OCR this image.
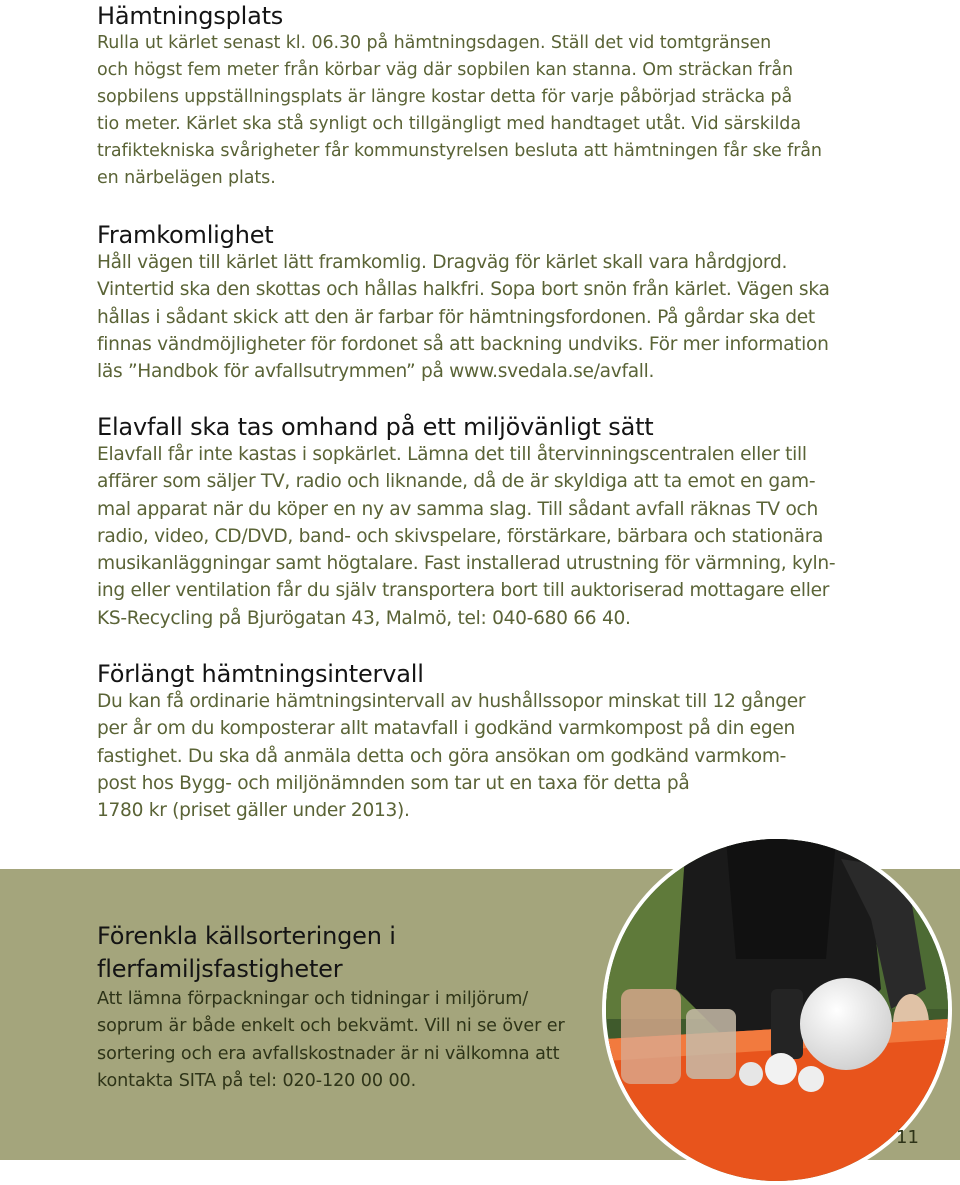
Hämtningsplats

Rulla ut kärlet senast kl. 06.30 på hämtningsdagen. Ställ det vid tomtgränsen
och högst fem meter från körbar väg där sopbilen kan stanna. Om sträckan från
sopbilens uppställningsplats är längre kostar detta för varje påbörjad sträcka på
tio meter. Kärlet ska stå synligt och tillgängligt med handtaget utåt. Vid särskilda
trafiktekniska svårigheter får kommunstyrelsen besluta att hämtningen får ske från
en närbelägen plats.

Framkomlighet

Håll vägen till kärlet lätt framkomlig. Dragväg för kärlet skall vara hårdgjord.
Vintertid ska den skottas och hållas halkfri. Sopa bort snön från kärlet. Vägen ska
hållas i sådant skick att den är farbar för hämtningsfordonen. På gårdar ska det
finnas vändmöjligheter för fordonet så att backning undviks. För mer information
läs ”Handbok för avfallsutrymmen” på www.svedala.se/avfall.

Elavfall ska tas omhand på ett miljövänligt sätt

Elavfall får inte kastas i sopkärlet. Lämna det till återvinningscentralen eller till
affärer som säljer TV, radio och liknande, då de är skyldiga att ta emot en gam-
mal apparat när du köper en ny av samma slag. Till sådant avfall räknas TV och
radio, video, CD/DVD, band- och skivspelare, förstärkare, bärbara och stationära
musikanläggningar samt högtalare. Fast installerad utrustning för värmning, kyln-
ing eller ventilation får du själv transportera bort till auktoriserad mottagare eller
KS-Recycling på Bjurögatan 43, Malmö, tel: 040-680 66 40.

Förlängt hämtningsintervall

Du kan få ordinarie hämtningsintervall av hushållssopor minskat till 12 gånger
per år om du komposterar allt matavfall i godkänd varmkompost på din egen
fastighet. Du ska då anmäla detta och göra ansökan om godkänd varmkom-
post hos Bygg- och miljönämnden som tar ut en taxa för detta på
1780 kr (priset gäller under 2013).

Förenkla källsorteringen i
flerfamiljsfastigheter

Att lämna förpackningar och tidningar i miljörum/
soprum är både enkelt och bekvämt. Vill ni se över er
sortering och era avfallskostnader är ni välkomna att
kontakta SITA på tel: 020-120 00 00.

11
